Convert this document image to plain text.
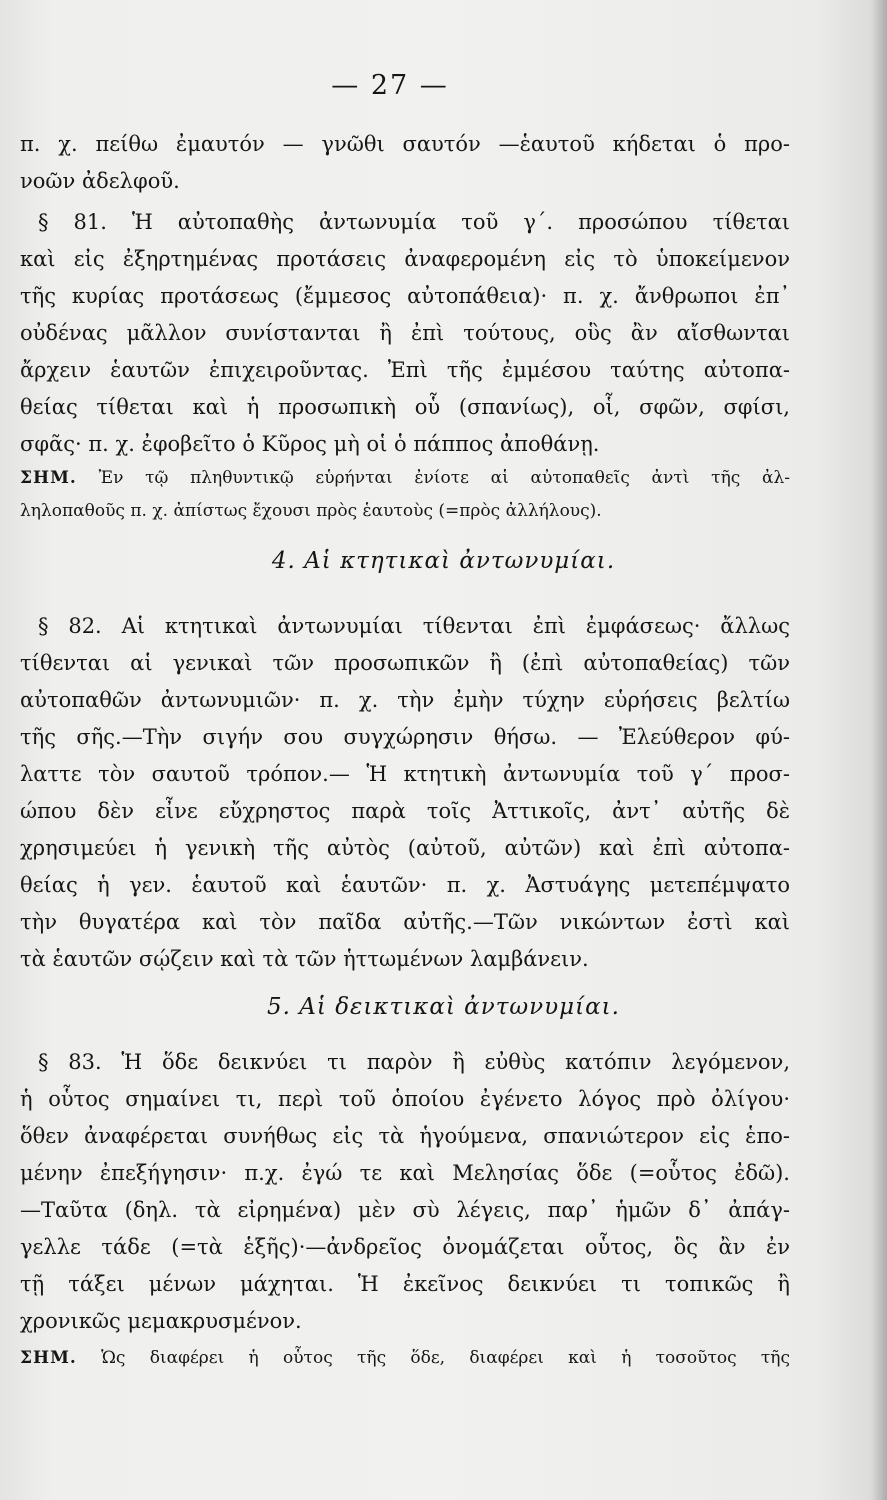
— 27 —
π. χ. πείθω ἐμαυτόν — γνῶθι σαυτόν —ἑαυτοῦ κήδεται ὁ προ-
νοῶν ἀδελφοῦ.
§ 81. Ἡ αὐτοπαθὴς ἀντωνυμία τοῦ γ΄. προσώπου τίθεται
καὶ εἰς ἐξηρτημένας προτάσεις ἀναφερομένη εἰς τὸ ὑποκείμενον
τῆς κυρίας προτάσεως (ἔμμεσος αὐτοπάθεια)· π. χ. ἄνθρωποι ἐπ᾽
οὐδένας μᾶλλον συνίστανται ἢ ἐπὶ τούτους, οὓς ἂν αἴσθωνται
ἄρχειν ἑαυτῶν ἐπιχειροῦντας. Ἐπὶ τῆς ἐμμέσου ταύτης αὐτοπα-
θείας τίθεται καὶ ἡ προσωπικὴ οὗ (σπανίως), οἷ, σφῶν, σφίσι,
σφᾶς· π. χ. ἐφοβεῖτο ὁ Κῦρος μὴ οἱ ὁ πάππος ἀποθάνῃ.
ΣΗΜ. Ἐν τῷ πληθυντικῷ εὑρήνται ἐνίοτε αἱ αὐτοπαθεῖς ἀντὶ τῆς ἀλ-
ληλοπαθοῦς π. χ. ἀπίστως ἔχουσι πρὸς ἑαυτοὺς (=πρὸς ἀλλήλους).
4. Αἱ κτητικαὶ ἀντωνυμίαι.
§ 82. Αἱ κτητικαὶ ἀντωνυμίαι τίθενται ἐπὶ ἐμφάσεως· ἄλλως
τίθενται αἱ γενικαὶ τῶν προσωπικῶν ἢ (ἐπὶ αὐτοπαθείας) τῶν
αὐτοπαθῶν ἀντωνυμιῶν· π. χ. τὴν ἐμὴν τύχην εὑρήσεις βελτίω
τῆς σῆς.—Τὴν σιγήν σου συγχώρησιν θήσω. — Ἐλεύθερον φύ-
λαττε τὸν σαυτοῦ τρόπον.— Ἡ κτητικὴ ἀντωνυμία τοῦ γ΄ προσ-
ώπου δὲν εἶνε εὔχρηστος παρὰ τοῖς Ἀττικοῖς, ἀντ᾽ αὐτῆς δὲ
χρησιμεύει ἡ γενικὴ τῆς αὐτὸς (αὐτοῦ, αὐτῶν) καὶ ἐπὶ αὐτοπα-
θείας ἡ γεν. ἑαυτοῦ καὶ ἑαυτῶν· π. χ. Ἀστυάγης μετεπέμψατο
τὴν θυγατέρα καὶ τὸν παῖδα αὐτῆς.—Τῶν νικώντων ἐστὶ καὶ
τὰ ἑαυτῶν σῴζειν καὶ τὰ τῶν ἡττωμένων λαμβάνειν.
5. Αἱ δεικτικαὶ ἀντωνυμίαι.
§ 83. Ἡ ὅδε δεικνύει τι παρὸν ἢ εὐθὺς κατόπιν λεγόμενον,
ἡ οὗτος σημαίνει τι, περὶ τοῦ ὁποίου ἐγένετο λόγος πρὸ ὀλίγου·
ὅθεν ἀναφέρεται συνήθως εἰς τὰ ἡγούμενα, σπανιώτερον εἰς ἑπο-
μένην ἐπεξήγησιν· π.χ. ἐγώ τε καὶ Μελησίας ὅδε (=οὗτος ἐδῶ).
—Ταῦτα (δηλ. τὰ εἰρημένα) μὲν σὺ λέγεις, παρ᾽ ἡμῶν δ᾽ ἀπάγ-
γελλε τάδε (=τὰ ἑξῆς)·—ἀνδρεῖος ὀνομάζεται οὗτος, ὃς ἂν ἐν
τῇ τάξει μένων μάχηται. Ἡ ἐκεῖνος δεικνύει τι τοπικῶς ἢ
χρονικῶς μεμακρυσμένον.
ΣΗΜ. Ὡς διαφέρει ἡ οὗτος τῆς ὅδε, διαφέρει καὶ ἡ τοσοῦτος τῆς
